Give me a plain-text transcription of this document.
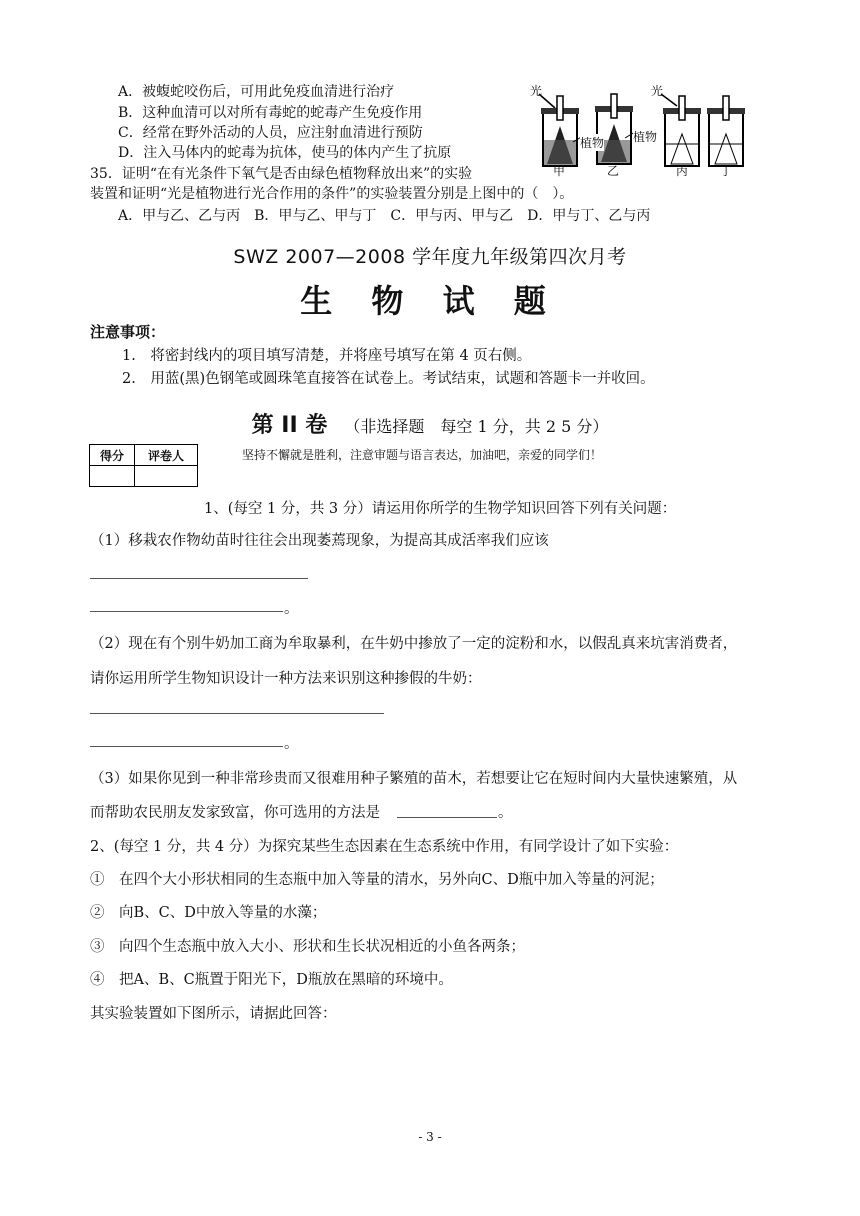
A．被蝮蛇咬伤后，可用此免疫血清进行治疗
B．这种血清可以对所有毒蛇的蛇毒产生免疫作用
C．经常在野外活动的人员，应注射血清进行预防
D．注入马体内的蛇毒为抗体，使马的体内产生了抗原
35．证明“在有光条件下氧气是否由绿色植物释放出来”的实验
装置和证明“光是植物进行光合作用的条件”的实验装置分别是上图中的（　）。
A．甲与乙、乙与丙　B．甲与乙、甲与丁　C．甲与丙、甲与乙　D．甲与丁、乙与丙
光	光
植物 植物
甲	乙	丙	丁
SWZ 2007—2008 学年度九年级第四次月考
生 物 试 题
注意事项：
1.　将密封线内的项目填写清楚，并将座号填写在第 4 页右侧。
2.　用蓝(黑)色钢笔或圆珠笔直接答在试卷上。考试结束，试题和答题卡一并收回。
第 II 卷 （非选择题　每空 1 分，共 2 5 分）
得分	评卷人
		坚持不懈就是胜利，注意审题与语言表达，加油吧，亲爱的同学们！
1、(每空 1 分，共 3 分）请运用你所学的生物学知识回答下列有关问题：
（1）移栽农作物幼苗时往往会出现萎蔫现象，为提高其成活率我们应该
。
（2）现在有个别牛奶加工商为牟取暴利，在牛奶中掺放了一定的淀粉和水，以假乱真来坑害消费者，
请你运用所学生物知识设计一种方法来识别这种掺假的牛奶：
。
（3）如果你见到一种非常珍贵而又很难用种子繁殖的苗木，若想要让它在短时间内大量快速繁殖，从
而帮助农民朋友发家致富，你可选用的方法是	。
2、(每空 1 分，共 4 分）为探究某些生态因素在生态系统中作用，有同学设计了如下实验：
①　在四个大小形状相同的生态瓶中加入等量的清水，另外向C、D瓶中加入等量的河泥；
②　向B、C、D中放入等量的水藻；
③　向四个生态瓶中放入大小、形状和生长状况相近的小鱼各两条；
④　把A、B、C瓶置于阳光下，D瓶放在黑暗的环境中。
其实验装置如下图所示，请据此回答：
- 3 -
